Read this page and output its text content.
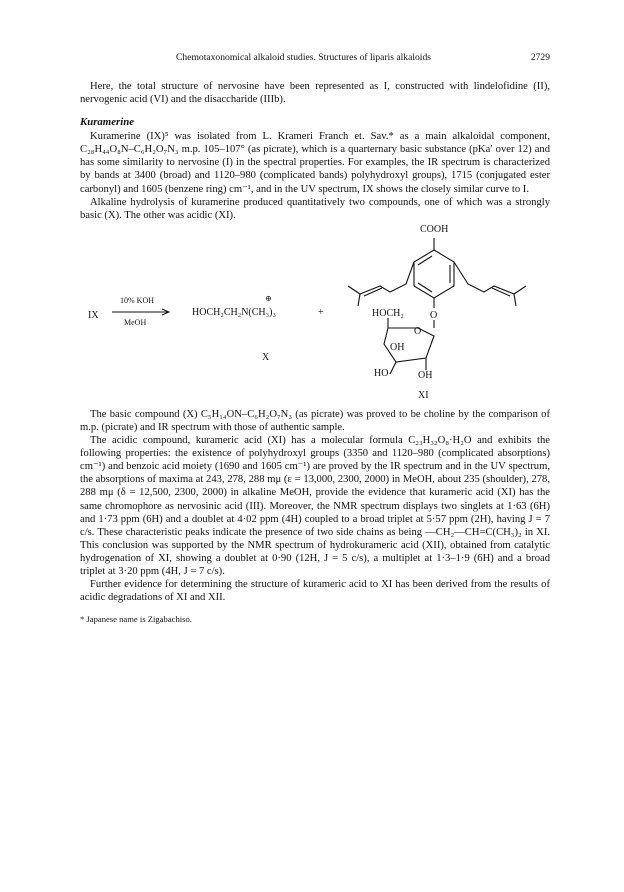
Chemotaxonomical alkaloid studies. Structures of liparis alkaloids	2729

Here, the total structure of nervosine have been represented as I, constructed with lindelofidine (II), nervogenic acid (VI) and the disaccharide (IIIb).

Kuramerine

Kuramerine (IX)⁵ was isolated from L. Krameri Franch et. Sav.* as a main alkaloidal component, C₂₈H₄₄O₈N–C₆H₂O₇N₃ m.p. 105–107° (as picrate), which is a quarternary basic substance (pKa′ over 12) and has some similarity to nervosine (I) in the spectral properties. For examples, the IR spectrum is characterized by bands at 3400 (broad) and 1120–980 (complicated bands) polyhydroxyl groups), 1715 (conjugated ester carbonyl) and 1605 (benzene ring) cm⁻¹, and in the UV spectrum, IX shows the closely similar curve to I.

Alkaline hydrolysis of kuramerine produced quantitatively two compounds, one of which was a strongly basic (X). The other was acidic (XI).

IX
10% KOH
MeOH
⊕
HOCH₂CH₂N(CH₃)₃	+
X
COOH
HOCH₂	O
O
OH
HO	OH
XI

The basic compound (X) C₅H₁₄ON–C₆H₂O₇N₃ (as picrate) was proved to be choline by the comparison of m.p. (picrate) and IR spectrum with those of authentic sample.

The acidic compound, kurameric acid (XI) has a molecular formula C₂₃H₃₂O₈·H₂O and exhibits the following properties: the existence of polyhydroxyl groups (3350 and 1120–980 (complicated absorptions) cm⁻¹) and benzoic acid moiety (1690 and 1605 cm⁻¹) are proved by the IR spectrum and in the UV spectrum, the absorptions of maxima at 243, 278, 288 mμ (ε = 13,000, 2300, 2000) in MeOH, about 235 (shoulder), 278, 288 mμ (δ = 12,500, 2300, 2000) in alkaline MeOH, provide the evidence that kurameric acid (XI) has the same chromophore as nervosinic acid (III). Moreover, the NMR spectrum displays two singlets at 1·63 (6H) and 1·73 ppm (6H) and a doublet at 4·02 ppm (4H) coupled to a broad triplet at 5·57 ppm (2H), having J = 7 c/s. These characteristic peaks indicate the presence of two side chains as being —CH₂—CH=C(CH₃)₂ in XI. This conclusion was supported by the NMR spectrum of hydrokurameric acid (XII), obtained from catalytic hydrogenation of XI, showing a doublet at 0·90 (12H, J = 5 c/s), a multiplet at 1·3–1·9 (6H) and a broad triplet at 3·20 ppm (4H, J = 7 c/s).

Further evidence for determining the structure of kurameric acid to XI has been derived from the results of acidic degradations of XI and XII.

* Japanese name is Zigabachiso.
